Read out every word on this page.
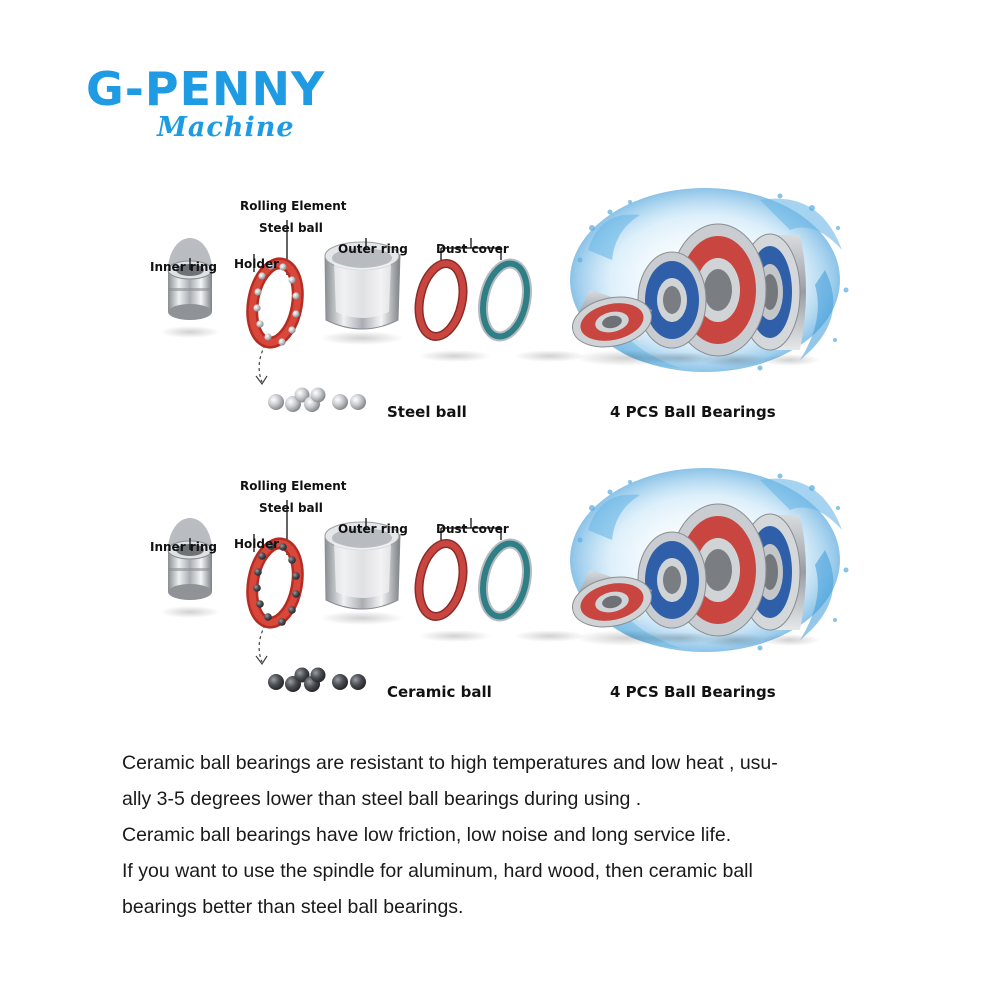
G-PENNY
Machine
Rolling Element
Steel ball
Inner ring Holder
Outer ring Dust cover
Steel ball	4 PCS Ball Bearings
Rolling Element
Steel ball
Inner ring Holder
Outer ring Dust cover
Ceramic ball	4 PCS Ball Bearings

Ceramic ball bearings are resistant to high temperatures and low heat , usu-

ally 3-5 degrees lower than steel ball bearings during using .

Ceramic ball bearings have low friction, low noise and long service life.

If you want to use the spindle for aluminum, hard wood, then ceramic ball

bearings better than steel ball bearings.
